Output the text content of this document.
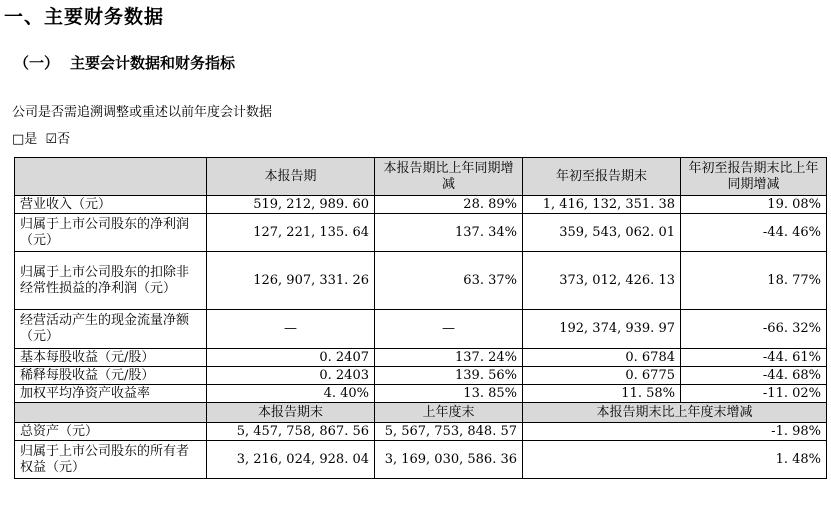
一、主要财务数据
（一） 主要会计数据和财务指标
公司是否需追溯调整或重述以前年度会计数据
□是 ☑否
	本报告期	本报告期比上年同期增减	年初至报告期末	年初至报告期末比上年同期增减
营业收入（元）	519, 212, 989. 60	28. 89%	1, 416, 132, 351. 38	19. 08%
归属于上市公司股东的净利润（元）	127, 221, 135. 64	137. 34%	359, 543, 062. 01	-44. 46%
归属于上市公司股东的扣除非经常性损益的净利润（元）	126, 907, 331. 26	63. 37%	373, 012, 426. 13	18. 77%
经营活动产生的现金流量净额（元）	—	—	192, 374, 939. 97	-66. 32%
基本每股收益（元/股）	0. 2407	137. 24%	0. 6784	-44. 61%
稀释每股收益（元/股）	0. 2403	139. 56%	0. 6775	-44. 68%
加权平均净资产收益率	4. 40%	13. 85%	11. 58%	-11. 02%
	本报告期末	上年度末	本报告期末比上年度末增减	
总资产（元）	5, 457, 758, 867. 56	5, 567, 753, 848. 57	-1. 98%	
归属于上市公司股东的所有者权益（元）	3, 216, 024, 928. 04	3, 169, 030, 586. 36	1. 48%	
